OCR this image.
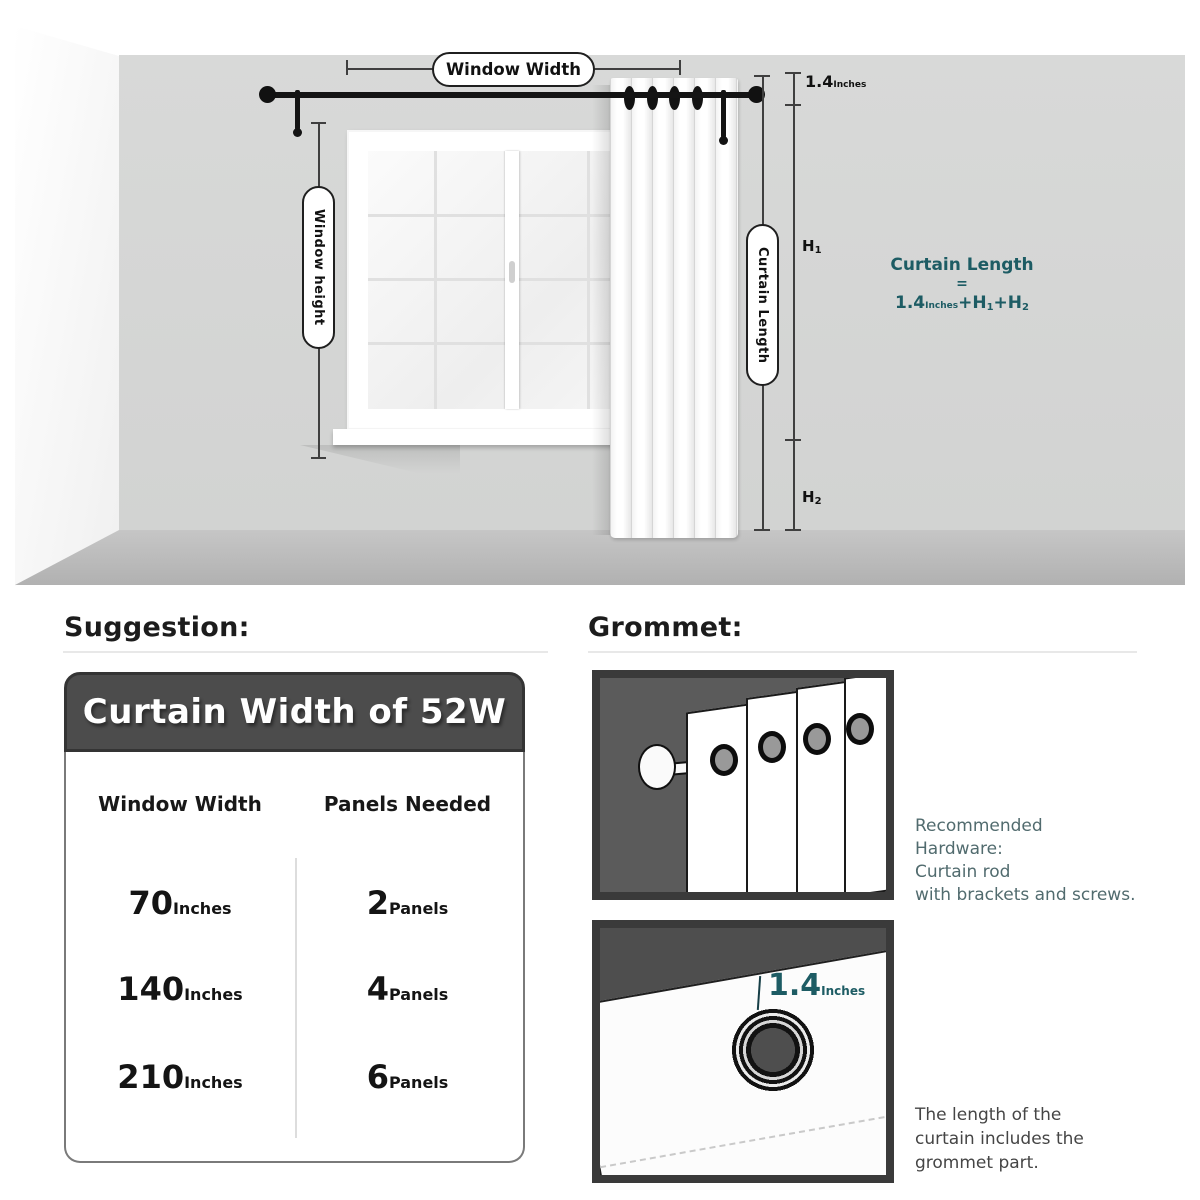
Window Width
Window height	Curtain Length
1.4Inches
H1
H2
Curtain Length
=
1.4Inches+H1+H2
Suggestion:
Curtain Width of 52W
Window Width	Panels Needed
70 Inches	2 Panels
140 Inches	4 Panels
210 Inches	6 Panels
Grommet:
Recommended
Hardware:
Curtain rod
with brackets and screws.
1.4Inches
The length of the
curtain includes the
grommet part.
